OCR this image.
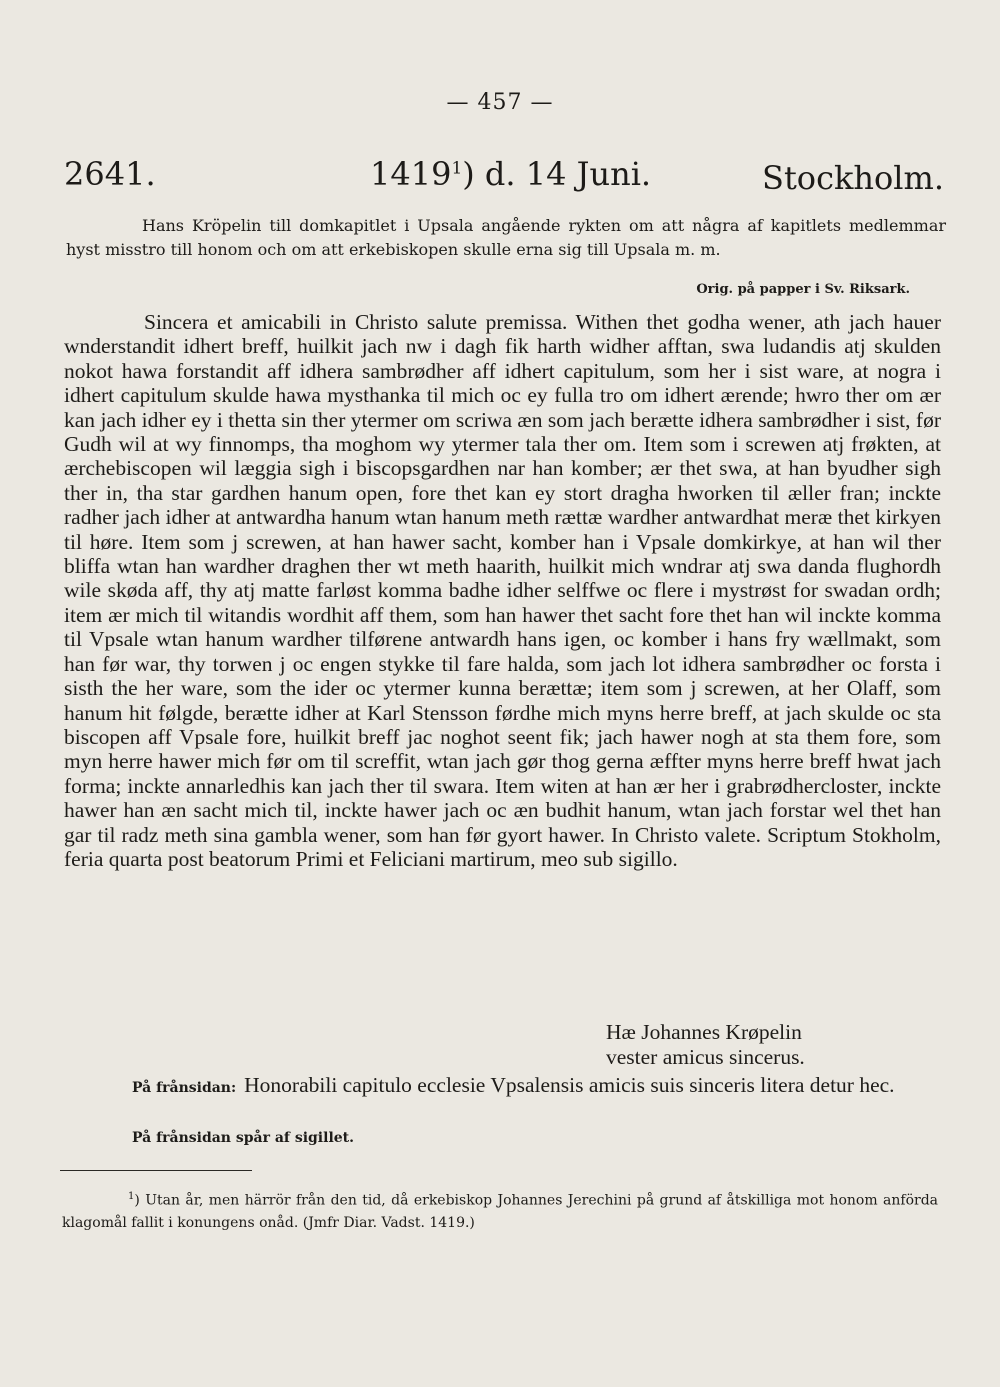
— 457 —
2641.	1419$^1$) d. 14 Juni.	Stockholm.
Hans Kröpelin till domkapitlet i Upsala angående rykten om att några af kapitlets medlemmar hyst misstro till honom och om att erkebiskopen skulle erna sig till Upsala m. m.
Orig. på papper i Sv. Riksark.

Sincera et amicabili in Christo salute premissa. Withen thet godha wener, ath jach hauer wnderstandit idhert breff, huilkit jach nw i dagh fik harth widher afftan, swa ludandis atj skulden nokot hawa forstandit aff idhera sambrødher aff idhert capitulum, som her i sist ware, at nogra i idhert capitulum skulde hawa mysthanka til mich oc ey fulla tro om idhert ærende; hwro ther om ær kan jach idher ey i thetta sin ther ytermer om scriwa æn som jach berætte idhera sambrødher i sist, før Gudh wil at wy finnomps, tha moghom wy ytermer tala ther om. Item som i screwen atj frøkten, at ærchebiscopen wil læggia sigh i biscopsgardhen nar han komber; ær thet swa, at han byudher sigh ther in, tha star gardhen hanum open, fore thet kan ey stort dragha hworken til æller fran; inckte radher jach idher at antwardha hanum wtan hanum meth rættæ wardher antwardhat meræ thet kirkyen til høre. Item som j screwen, at han hawer sacht, komber han i Vpsale domkirkye, at han wil ther bliffa wtan han wardher draghen ther wt meth haarith, huilkit mich wndrar atj swa danda flughordh wile skøda aff, thy atj matte farløst komma badhe idher selffwe oc flere i mystrøst for swadan ordh; item ær mich til witandis wordhit aff them, som han hawer thet sacht fore thet han wil inckte komma til Vpsale wtan hanum wardher tilførene antwardh hans igen, oc komber i hans fry wællmakt, som han før war, thy torwen j oc engen stykke til fare halda, som jach lot idhera sambrødher oc forsta i sisth the her ware, som the ider oc ytermer kunna berættæ; item som j screwen, at her Olaff, som hanum hit følgde, berætte idher at Karl Stensson førdhe mich myns herre breff, at jach skulde oc sta biscopen aff Vpsale fore, huilkit breff jac noghot seent fik; jach hawer nogh at sta them fore, som myn herre hawer mich før om til screffit, wtan jach gør thog gerna æffter myns herre breff hwat jach forma; inckte annarledhis kan jach ther til swara. Item witen at han ær her i grabrødhercloster, inckte hawer han æn sacht mich til, inckte hawer jach oc æn budhit hanum, wtan jach forstar wel thet han gar til radz meth sina gambla wener, som han før gyort hawer. In Christo valete. Scriptum Stokholm, feria quarta post beatorum Primi et Feliciani martirum, meo sub sigillo.

Hæ Johannes Krøpelin
vester amicus sincerus.
På frånsidan: Honorabili capitulo ecclesie Vpsalensis amicis suis sinceris litera detur hec.
På frånsidan spår af sigillet.
$^1$) Utan år, men härrör från den tid, då erkebiskop Johannes Jerechini på grund af åtskilliga mot honom anförda klagomål fallit i konungens onåd. (Jmfr Diar. Vadst. 1419.)
